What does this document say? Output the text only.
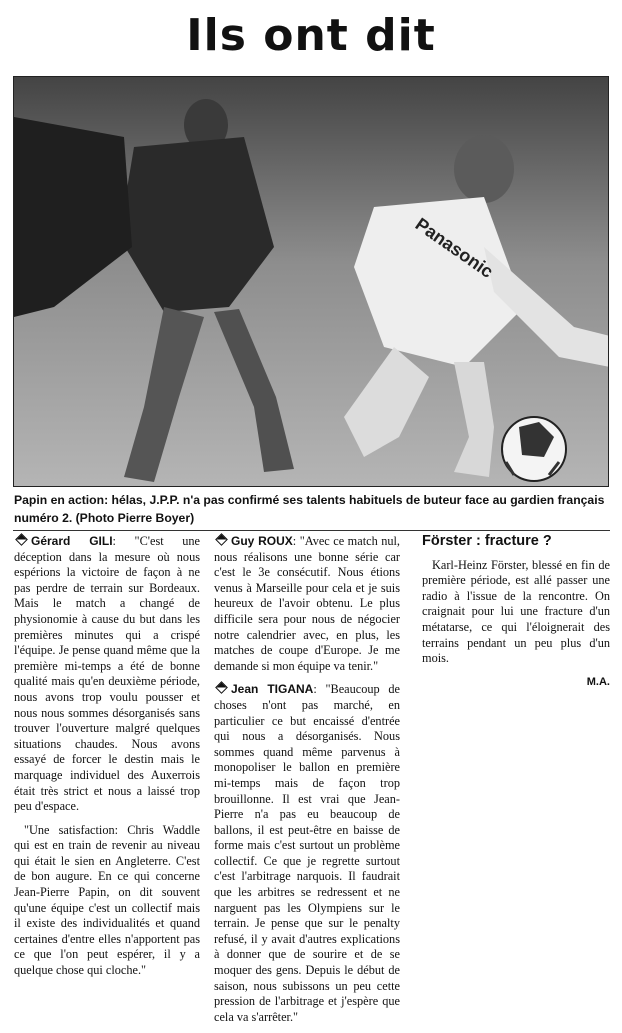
Ils ont dit
Panasonic
Papin en action: hélas, J.P.P. n'a pas confirmé ses talents habituels de buteur face au gardien français numéro 2. (Photo Pierre Boyer)

Gérard GILI: "C'est une déception dans la mesure où nous espérions la victoire de façon à ne pas perdre de terrain sur Bordeaux. Mais le match a changé de physionomie à cause du but dans les premières minutes qui a crispé l'équipe. Je pense quand même que la première mi-temps a été de bonne qualité mais qu'en deuxième période, nous avons trop voulu pousser et nous nous sommes désorganisés sans trouver l'ouverture malgré quelques situations chaudes. Nous avons essayé de forcer le destin mais le marquage individuel des Auxerrois était très strict et nous a laissé trop peu d'espace.

"Une satisfaction: Chris Waddle qui est en train de revenir au niveau qui était le sien en Angleterre. C'est de bon augure. En ce qui concerne Jean-Pierre Papin, on dit souvent qu'une équipe c'est un collectif mais il existe des individualités et quand certaines d'entre elles n'apportent pas ce que l'on peut espérer, il y a quelque chose qui cloche."

Guy ROUX: "Avec ce match nul, nous réalisons une bonne série car c'est le 3e consécutif. Nous étions venus à Marseille pour cela et je suis heureux de l'avoir obtenu. Le plus difficile sera pour nous de négocier notre calendrier avec, en plus, les matches de coupe d'Europe. Je me demande si mon équipe va tenir."

Jean TIGANA: "Beaucoup de choses n'ont pas marché, en particulier ce but encaissé d'entrée qui nous a désorganisés. Nous sommes quand même parvenus à monopoliser le ballon en première mi-temps mais de façon trop brouillonne. Il est vrai que Jean-Pierre n'a pas eu beaucoup de ballons, il est peut-être en baisse de forme mais c'est surtout un problème collectif. Ce que je regrette surtout c'est l'arbitrage narquois. Il faudrait que les arbitres se redressent et ne narguent pas les Olympiens sur le terrain. Je pense que sur le penalty refusé, il y avait d'autres explications à donner que de sourire et de se moquer des gens. Depuis le début de saison, nous subissons un peu cette pression de l'arbitrage et j'espère que cela va s'arrêter."

Förster : fracture ?

Karl-Heinz Förster, blessé en fin de première période, est allé passer une radio à l'issue de la rencontre. On craignait pour lui une fracture d'un métatarse, ce qui l'éloignerait des terrains pendant un peu plus d'un mois.

M.A.
